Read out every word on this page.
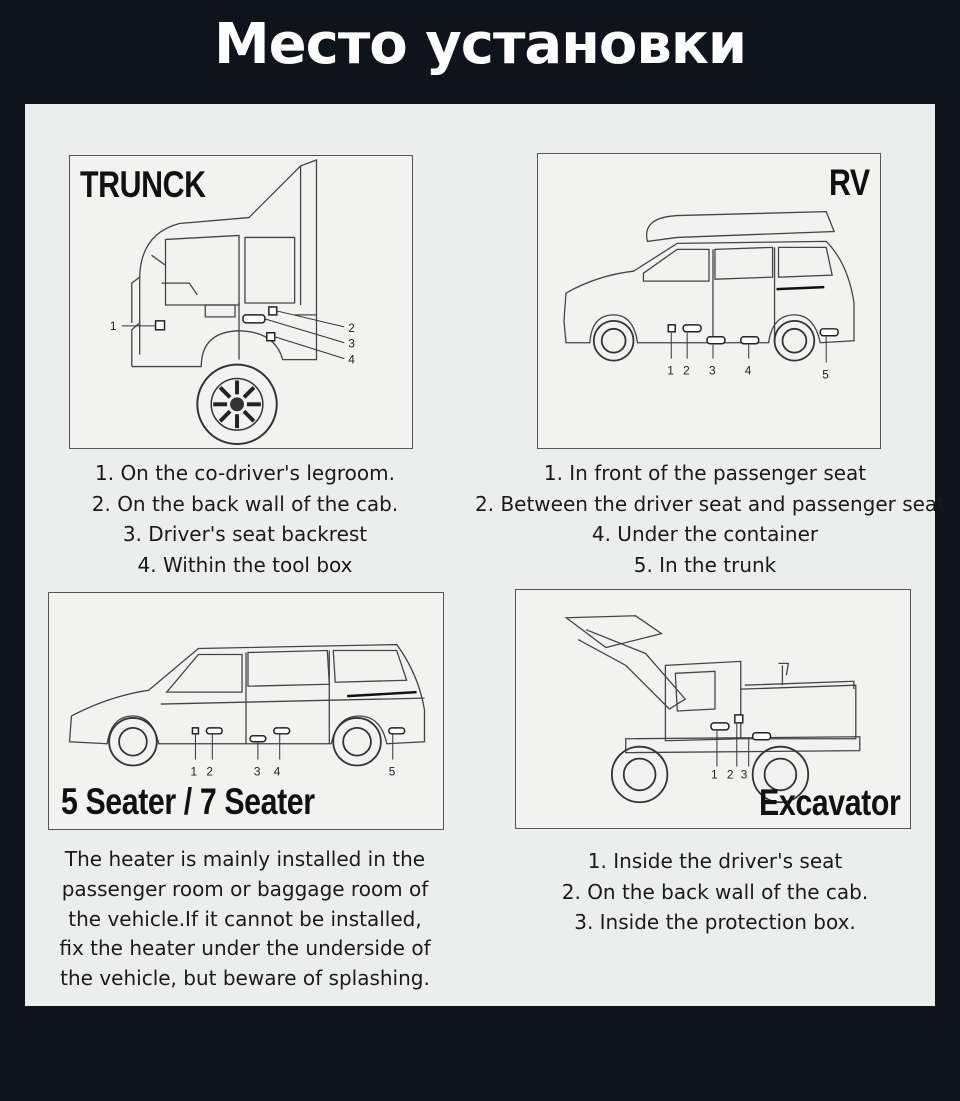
Место установки
1	2
3
4
TRUNCK
1. On the co-driver's legroom.
2. On the back wall of the cab.
3. Driver's seat backrest
4. Within the tool box
1 2 3 4	5
RV
1. In front of the passenger seat
2. Between the driver seat and passenger seat
4. Under the container
5. In the trunk
1 2	3 4	5
5 Seater / 7 Seater
The heater is mainly installed in the
passenger room or baggage room of
the vehicle.If it cannot be installed,
fix the heater under the underside of
the vehicle, but beware of splashing.
1 2 3
Excavator
1. Inside the driver's seat
2. On the back wall of the cab.
3. Inside the protection box.
